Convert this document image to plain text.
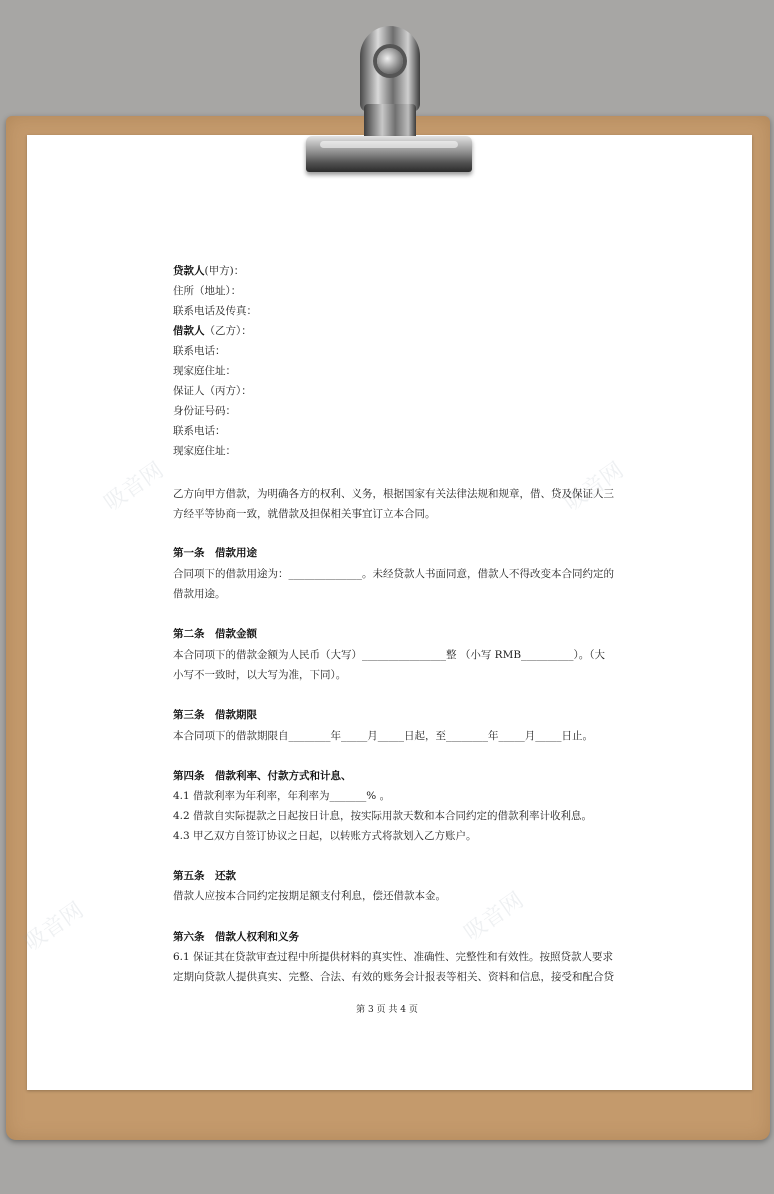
吸音网	吸音网
吸音网	吸音网
贷款人(甲方)：
住所（地址）：
联系电话及传真：
借款人（乙方）：
联系电话：
现家庭住址：
保证人（丙方）：
身份证号码：
联系电话：
现家庭住址：
乙方向甲方借款，为明确各方的权利、义务，根据国家有关法律法规和规章，借、贷及保证人三
方经平等协商一致，就借款及担保相关事宜订立本合同。
第一条　借款用途
合同项下的借款用途为：______________。未经贷款人书面同意，借款人不得改变本合同约定的
借款用途。
第二条　借款金额
本合同项下的借款金额为人民币（大写）________________整 （小写 RMB__________）。（大
小写不一致时，以大写为准，下同）。
第三条　借款期限
本合同项下的借款期限自________年_____月_____日起，至________年_____月_____日止。
第四条　借款利率、付款方式和计息、
4.1 借款利率为年利率，年利率为_______% 。
4.2 借款自实际提款之日起按日计息，按实际用款天数和本合同约定的借款利率计收利息。
4.3 甲乙双方自签订协议之日起，以转账方式将款划入乙方账户。
第五条　还款
借款人应按本合同约定按期足额支付利息，偿还借款本金。
第六条　借款人权利和义务
6.1 保证其在贷款审查过程中所提供材料的真实性、准确性、完整性和有效性。按照贷款人要求
定期向贷款人提供真实、完整、合法、有效的账务会计报表等相关、资料和信息，接受和配合贷
第 3 页 共 4 页
